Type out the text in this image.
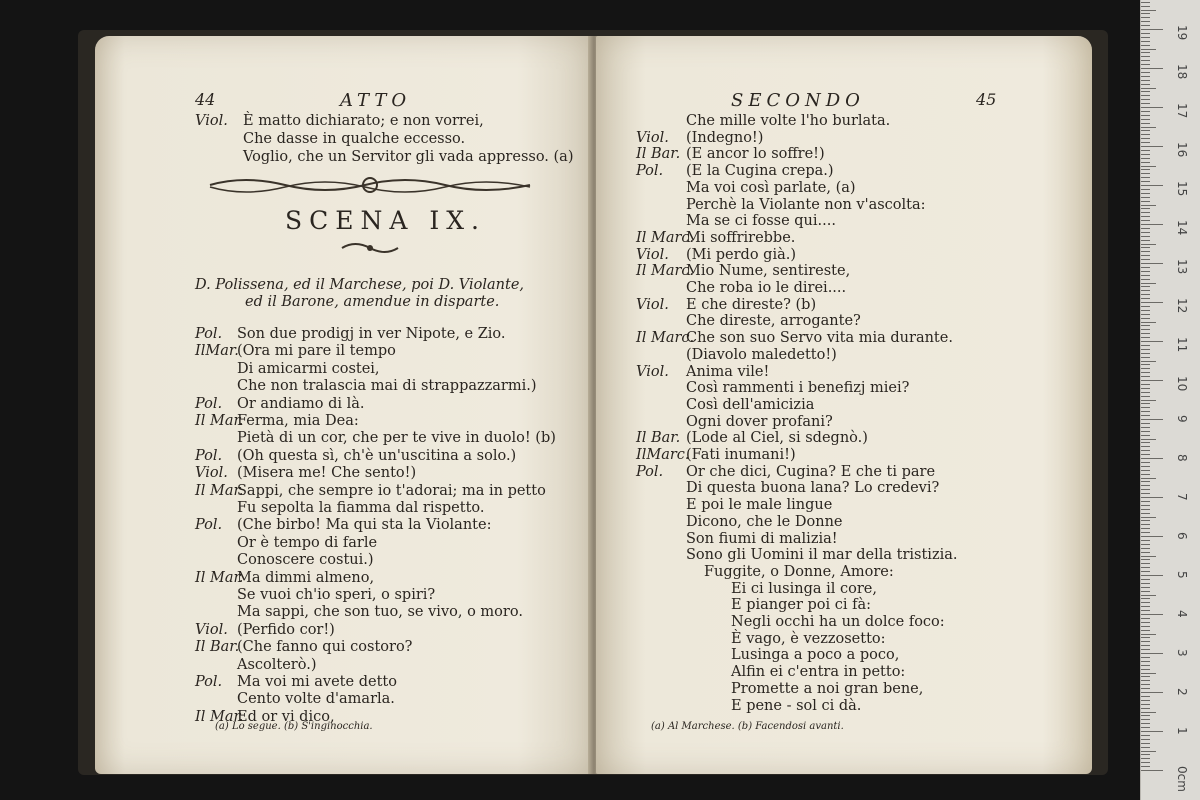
44	ATTO
Viol. È matto dichiarato; e non vorrei,
Che dasse in qualche eccesso.
Voglio, che un Servitor gli vada appresso. (a)
SCENA IX.
D. Polissena, ed il Marchese, poi D. Violante,
ed il Barone, amendue in disparte.
Pol. Son due prodigj in ver Nipote, e Zio.
IlMar.
(Ora mi pare il tempo
Di amicarmi costei,
Che non tralascia mai di strappazzarmi.)
Pol. Or andiamo di là.
Il Mar.
Ferma, mia Dea:
Pietà di un cor, che per te vive in duolo! (b)
Pol. (Oh questa sì, ch'è un'uscitina a solo.)
Viol. (Misera me! Che sento!)
Il Mar.
Sappi, che sempre io t'adorai; ma in petto
Fu sepolta la fiamma dal rispetto.
Pol. (Che birbo! Ma qui sta la Violante:
Or è tempo di farle
Conoscere costui.)
Il Mar.
Ma dimmi almeno,
Se vuoi ch'io speri, o spiri?
Ma sappi, che son tuo, se vivo, o moro.
Viol. (Perfido cor!)
Il Bar.
(Che fanno qui costoro?
Ascolterò.)
Pol. Ma voi mi avete detto
Cento volte d'amarla.
Il Mar.
Ed or vi dico,
(a) Lo segue. (b) S'inginocchia.
SECONDO	45
Che mille volte l'ho burlata.
Viol. (Indegno!)
Il Bar. (E ancor lo soffre!)
Pol. (E la Cugina crepa.)
Ma voi così parlate, (a)
Perchè la Violante non v'ascolta:
Ma se ci fosse qui....
Il Marc.
Mi soffrirebbe.
Viol. (Mi perdo già.)
Il Marc.
Mio Nume, sentireste,
Che roba io le direi....
Viol. E che direste? (b)
Che direste, arrogante?
Il Marc.
Che son suo Servo vita mia durante.
(Diavolo maledetto!)
Viol. Anima vile!
Così rammenti i benefizj miei?
Così dell'amicizia
Ogni dover profani?
Il Bar. (Lode al Ciel, si sdegnò.)
IlMarc.
(Fati inumani!)
Pol. Or che dici, Cugina? E che ti pare
Di questa buona lana? Lo credevi?
E poi le male lingue
Dicono, che le Donne
Son fiumi di malizia!
Sono gli Uomini il mar della tristizia.
Fuggite, o Donne, Amore:
Ei ci lusinga il core,
E pianger poi ci fà:
Negli occhi ha un dolce foco:
È vago, è vezzosetto:
Lusinga a poco a poco,
Alfin ei c'entra in petto:
Promette a noi gran bene,
E pene - sol ci dà.
(a) Al Marchese. (b) Facendosi avanti.
19
18
17
16
15
14
13
12
11
10
9
8
7
6
5
4
3
2
1
0cm
